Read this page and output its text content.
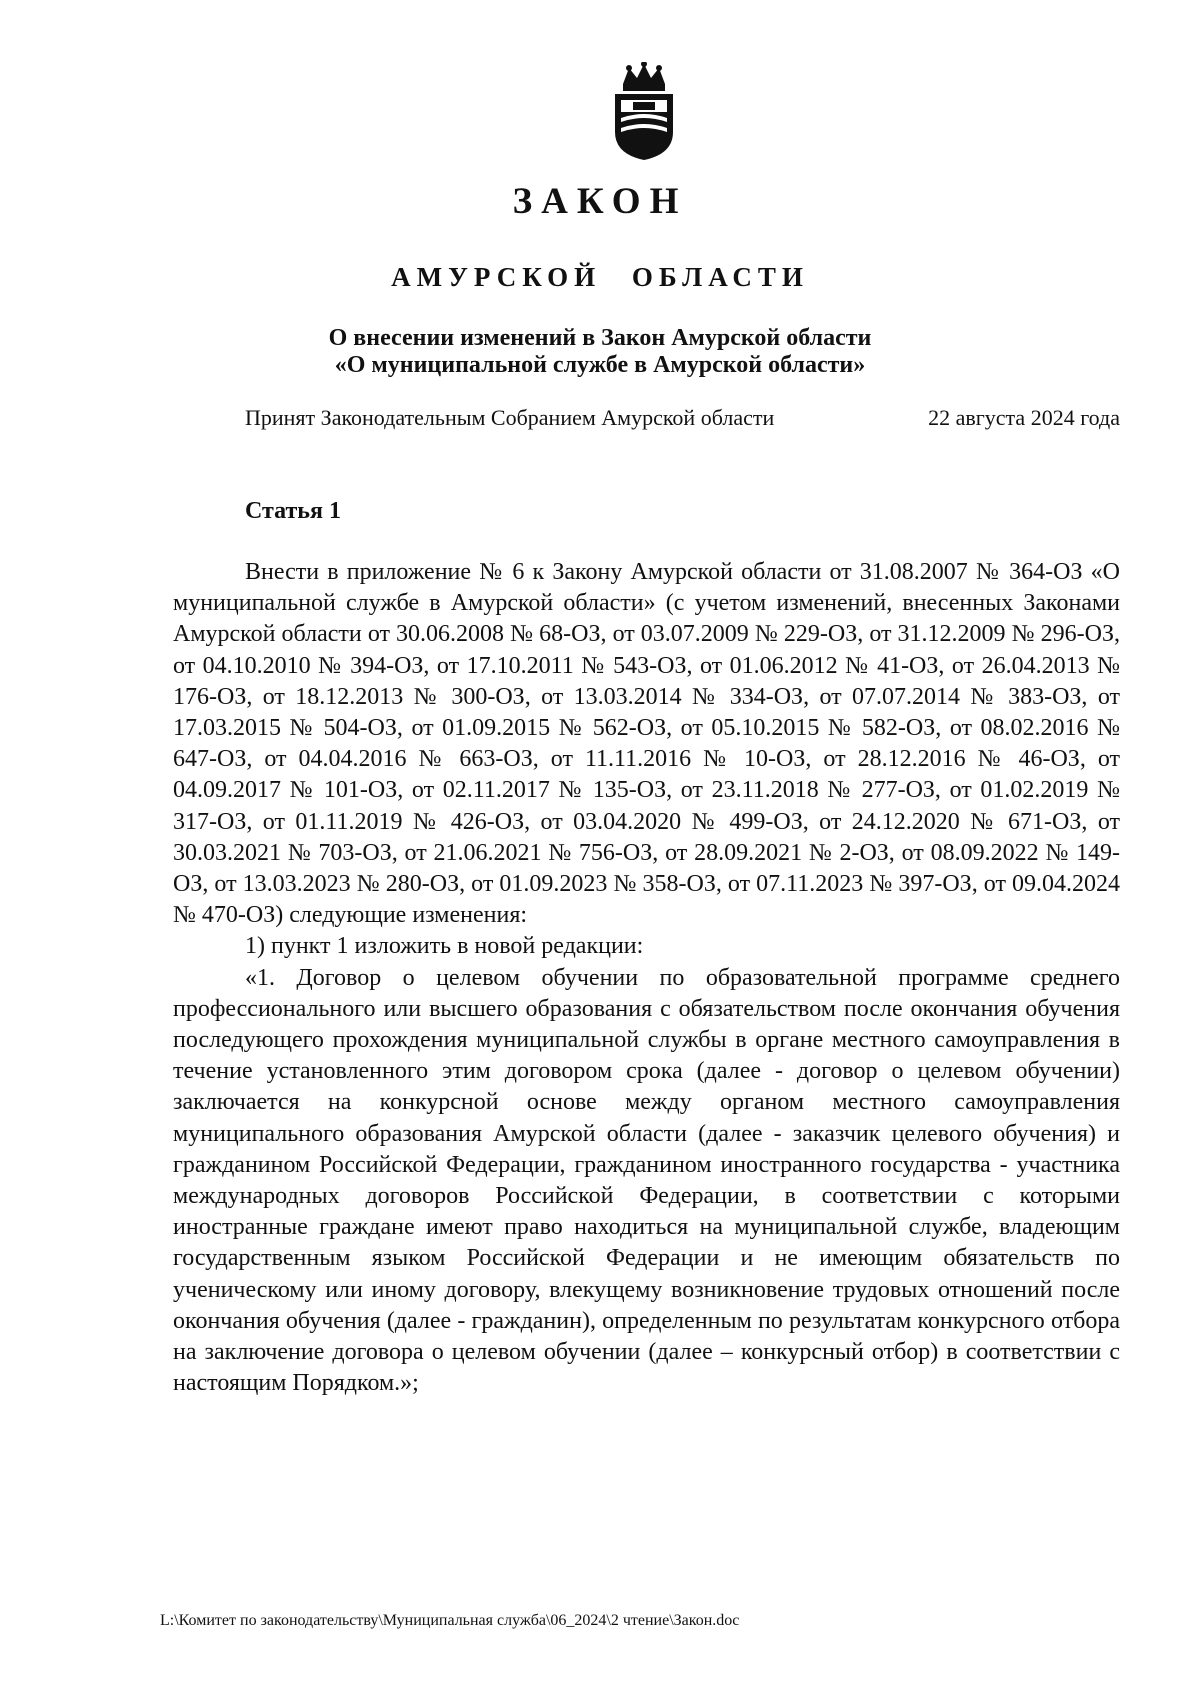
ЗАКОН
АМУРСКОЙ ОБЛАСТИ
О внесении изменений в Закон Амурской области
«О муниципальной службе в Амурской области»
Принят Законодательным Собранием Амурской области	22 августа 2024 года
Статья 1

Внести в приложение № 6 к Закону Амурской области от 31.08.2007 № 364-ОЗ «О муниципальной службе в Амурской области» (с учетом изменений, внесенных Законами Амурской области от 30.06.2008 № 68-ОЗ, от 03.07.2009 № 229-ОЗ, от 31.12.2009 № 296-ОЗ, от 04.10.2010 № 394-ОЗ, от 17.10.2011 № 543-ОЗ, от 01.06.2012 № 41-ОЗ, от 26.04.2013 № 176-ОЗ, от 18.12.2013 № 300-ОЗ, от 13.03.2014 № 334-ОЗ, от 07.07.2014 № 383-ОЗ, от 17.03.2015 № 504-ОЗ, от 01.09.2015 № 562-ОЗ, от 05.10.2015 № 582-ОЗ, от 08.02.2016 № 647-ОЗ, от 04.04.2016 № 663-ОЗ, от 11.11.2016 № 10-ОЗ, от 28.12.2016 № 46-ОЗ, от 04.09.2017 № 101-ОЗ, от 02.11.2017 № 135-ОЗ, от 23.11.2018 № 277-ОЗ, от 01.02.2019 № 317-ОЗ, от 01.11.2019 № 426-ОЗ, от 03.04.2020 № 499-ОЗ, от 24.12.2020 № 671-ОЗ, от 30.03.2021 № 703-ОЗ, от 21.06.2021 № 756-ОЗ, от 28.09.2021 № 2-ОЗ, от 08.09.2022 № 149-ОЗ, от 13.03.2023 № 280-ОЗ, от 01.09.2023 № 358-ОЗ, от 07.11.2023 № 397-ОЗ, от 09.04.2024 № 470-ОЗ) следующие изменения:

1) пункт 1 изложить в новой редакции:

«1. Договор о целевом обучении по образовательной программе среднего профессионального или высшего образования с обязательством после окончания обучения последующего прохождения муниципальной службы в органе местного самоуправления в течение установленного этим договором срока (далее - договор о целевом обучении) заключается на конкурсной основе между органом местного самоуправления муниципального образования Амурской области (далее - заказчик целевого обучения) и гражданином Российской Федерации, гражданином иностранного государства - участника международных договоров Российской Федерации, в соответствии с которыми иностранные граждане имеют право находиться на муниципальной службе, владеющим государственным языком Российской Федерации и не имеющим обязательств по ученическому или иному договору, влекущему возникновение трудовых отношений после окончания обучения (далее - гражданин), определенным по результатам конкурсного отбора на заключение договора о целевом обучении (далее – конкурсный отбор) в соответствии с настоящим Порядком.»;

L:\Комитет по законодательству\Муниципальная служба\06_2024\2 чтение\Закон.doc
